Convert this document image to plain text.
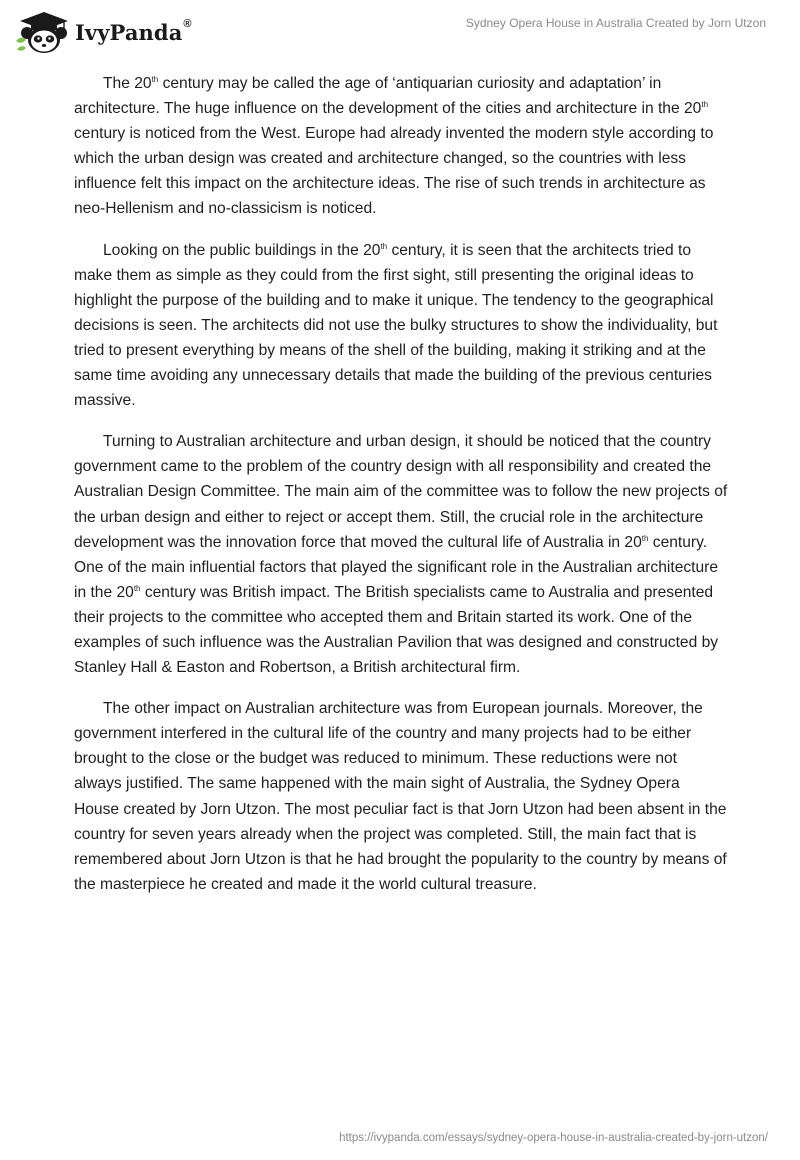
IvyPanda®	Sydney Opera House in Australia Created by Jorn Utzon

The 20th century may be called the age of ‘antiquarian curiosity and adaptation’ in architecture. The huge influence on the development of the cities and architecture in the 20th century is noticed from the West. Europe had already invented the modern style according to which the urban design was created and architecture changed, so the countries with less influence felt this impact on the architecture ideas. The rise of such trends in architecture as neo-Hellenism and no-classicism is noticed.

Looking on the public buildings in the 20th century, it is seen that the architects tried to make them as simple as they could from the first sight, still presenting the original ideas to highlight the purpose of the building and to make it unique. The tendency to the geographical decisions is seen. The architects did not use the bulky structures to show the individuality, but tried to present everything by means of the shell of the building, making it striking and at the same time avoiding any unnecessary details that made the building of the previous centuries massive.

Turning to Australian architecture and urban design, it should be noticed that the country government came to the problem of the country design with all responsibility and created the Australian Design Committee. The main aim of the committee was to follow the new projects of the urban design and either to reject or accept them. Still, the crucial role in the architecture development was the innovation force that moved the cultural life of Australia in 20th century. One of the main influential factors that played the significant role in the Australian architecture in the 20th century was British impact. The British specialists came to Australia and presented their projects to the committee who accepted them and Britain started its work. One of the examples of such influence was the Australian Pavilion that was designed and constructed by Stanley Hall & Easton and Robertson, a British architectural firm.

The other impact on Australian architecture was from European journals. Moreover, the government interfered in the cultural life of the country and many projects had to be either brought to the close or the budget was reduced to minimum. These reductions were not always justified. The same happened with the main sight of Australia, the Sydney Opera House created by Jorn Utzon. The most peculiar fact is that Jorn Utzon had been absent in the country for seven years already when the project was completed. Still, the main fact that is remembered about Jorn Utzon is that he had brought the popularity to the country by means of the masterpiece he created and made it the world cultural treasure.

https://ivypanda.com/essays/sydney-opera-house-in-australia-created-by-jorn-utzon/
